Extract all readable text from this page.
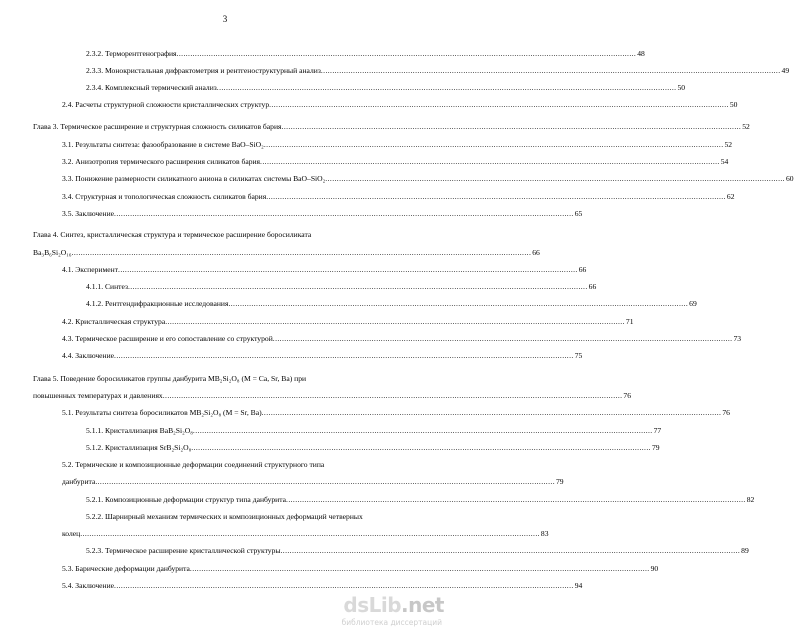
3
2.3.2. Терморентгенография ........................................................................................................................................................................................................ 48
2.3.3. Монокристальная дифрактометрия и рентгеноструктурный анализ ........................................................................................................................................................................................................ 49
2.3.4. Комплексный термический анализ ........................................................................................................................................................................................................ 50
2.4. Расчеты структурной сложности кристаллических структур ........................................................................................................................................................................................................ 50
Глава 3. Термическое расширение и структурная сложность силикатов бария ........................................................................................................................................................................................................ 52
3.1. Результаты синтеза: фазообразование в системе BaO–SiO₂ ........................................................................................................................................................................................................ 52
3.2. Анизотропия термического расширения силикатов бария ........................................................................................................................................................................................................ 54
3.3. Понижение размерности силикатного аниона в силикатах системы BaO–SiO₂ ........................................................................................................................................................................................................ 60
3.4. Структурная и топологическая сложность силикатов бария ........................................................................................................................................................................................................ 62
3.5. Заключение ........................................................................................................................................................................................................ 65
Глава 4. Синтез, кристаллическая структура и термическое расширение боросиликата
Ba₃B₆Si₂O₁₆ ........................................................................................................................................................................................................ 66
4.1. Эксперимент ........................................................................................................................................................................................................ 66
4.1.1. Синтез ........................................................................................................................................................................................................ 66
4.1.2. Рентгендифракционные исследования ........................................................................................................................................................................................................ 69
4.2. Кристаллическая структура ........................................................................................................................................................................................................ 71
4.3. Термическое расширение и его сопоставление со структурой ........................................................................................................................................................................................................ 73
4.4. Заключение ........................................................................................................................................................................................................ 75
Глава 5. Поведение боросиликатов группы данбурита MB₂Si₂O₈ (M = Ca, Sr, Ba) при
повышенных температурах и давлениях ........................................................................................................................................................................................................ 76
5.1. Результаты синтеза боросиликатов MB₂Si₂O₈ (M = Sr, Ba) ........................................................................................................................................................................................................ 76
5.1.1. Кристаллизация BaB₂Si₂O₈ ........................................................................................................................................................................................................ 77
5.1.2. Кристаллизация SrB₂Si₂O₈ ........................................................................................................................................................................................................ 79
5.2. Термические и композиционные деформации соединений структурного типа
данбурита ........................................................................................................................................................................................................ 79
5.2.1. Композиционные деформации структур типа данбурита ........................................................................................................................................................................................................ 82
5.2.2. Шарнирный механизм термических и композиционных деформаций четверных
колец ........................................................................................................................................................................................................ 83
5.2.3. Термическое расширение кристаллической структуры ........................................................................................................................................................................................................ 89
5.3. Барические деформации данбурита ........................................................................................................................................................................................................ 90
5.4. Заключение ........................................................................................................................................................................................................ 94
dsLib.net
библиотека диссертаций
